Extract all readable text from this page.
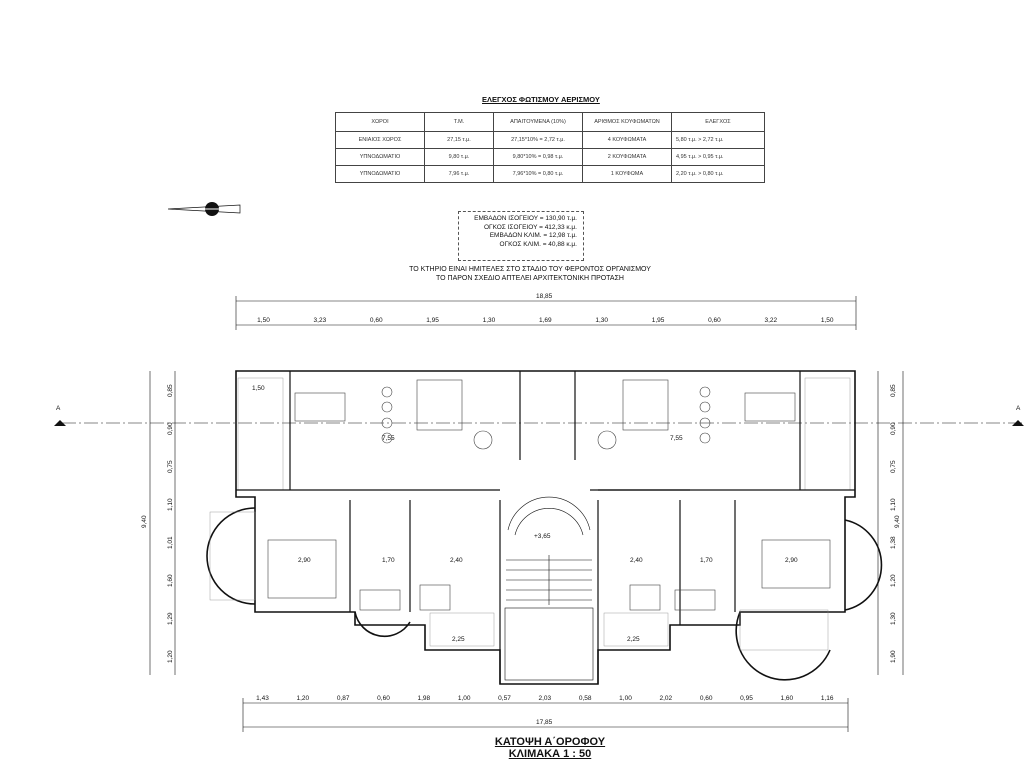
ΕΛΕΓΧΟΣ ΦΩΤΙΣΜΟΥ ΑΕΡΙΣΜΟΥ
ΧΩΡΟΙ	Τ.Μ.	ΑΠΑΙΤΟΥΜΕΝΑ (10%)	ΑΡΙΘΜΟΣ ΚΟΥΦΩΜΑΤΩΝ	ΕΛΕΓΧΟΣ
ΕΝΙΑΙΟΣ ΧΩΡΟΣ	27,15 τ.μ.	27,15*10% = 2,72 τ.μ.	4 ΚΟΥΦΩΜΑΤΑ	5,80 τ.μ. > 2,72 τ.μ.
ΥΠΝΟΔΩΜΑΤΙΟ	9,80 τ.μ.	9,80*10% = 0,98 τ.μ.	2 ΚΟΥΦΩΜΑΤΑ	4,95 τ.μ. > 0,95 τ.μ.
ΥΠΝΟΔΩΜΑΤΙΟ	7,96 τ.μ.	7,96*10% = 0,80 τ.μ.	1 ΚΟΥΦΩΜΑ	2,20 τ.μ. > 0,80 τ.μ.
ΕΜΒΑΔΟΝ ΙΣΟΓΕΙΟΥ = 130,90 τ.μ.
ΟΓΚΟΣ ΙΣΟΓΕΙΟΥ = 412,33 κ.μ.
ΕΜΒΑΔΟΝ ΚΛΙΜ. = 12,98 τ.μ.
ΟΓΚΟΣ ΚΛΙΜ. = 40,88 κ.μ.
ΤΟ ΚΤΗΡΙΟ ΕΙΝΑΙ ΗΜΙΤΕΛΕΣ ΣΤΟ ΣΤΑΔΙΟ ΤΟΥ ΦΕΡΟΝΤΟΣ ΟΡΓΑΝΙΣΜΟΥ
ΤΟ ΠΑΡΟΝ ΣΧΕΔΙΟ ΑΠΤΕΛΕΙ ΑΡΧΙΤΕΚΤΟΝΙΚΗ ΠΡΟΤΑΣΗ
Α	Α
18,85
1,50	3,23	0,60	1,95	1,30	1,69	1,30	1,95	0,60	3,22	1,50
17,85
1,43	1,20	0,87	0,60	1,98	1,00	0,57	2,03	0,58	1,00	2,02	0,60	0,95	1,60	1,16
9,40	9,40
0,85
0,90
0,75
1,10
1,01
1,60
1,29
1,20
0,85
0,90
0,75
1,10
1,38
1,20
1,30
1,90
+3,65
7,55	7,55
2,90	2,90
1,70	1,70
2,40	2,40
2,25	2,25
1,50
ΚΑΤΟΨΗ Α΄ΟΡΟΦΟΥ
ΚΛΙΜΑΚΑ 1 : 50
